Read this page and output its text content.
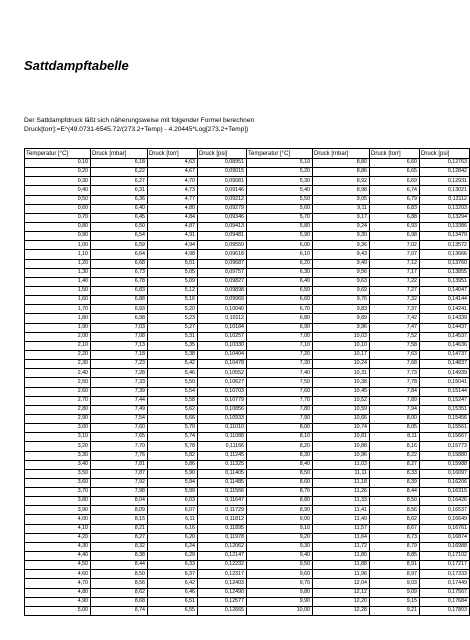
Sattdampftabelle
Der Sattdampfdruck läßt sich näherungsweise mit folgender Formel berechnen
Druck[torr]:=E^(49.0731-6545.72/(273.2+Temp) - 4.20445*Log[273.2+Temp])
Temperatur [°C]	Druck [mbar]	Druck [torr]	Druck [psi]	Temperatur [°C]	Druck [mbar]	Druck [torr]	Druck [psi]
0,10	6,18	4,63	0,08951	5,10	8,80	6,60	0,12763
0,20	6,22	4,67	0,09015	5,20	8,86	6,65	0,12842
0,30	6,27	4,70	0,09081	5,30	8,92	6,69	0,12931
0,40	6,31	4,73	0,09146	5,40	8,98	6,74	0,13021
0,50	6,36	4,77	0,09212	5,50	9,05	6,79	0,13112
0,60	6,40	4,80	0,09279	5,60	9,11	6,83	0,13203
0,70	6,45	4,84	0,09346	5,70	9,17	6,88	0,13294
0,80	6,50	4,87	0,09413	5,80	9,24	6,93	0,13386
0,90	6,54	4,91	0,09481	5,90	9,30	6,98	0,13479
1,00	6,59	4,94	0,09550	6,00	9,36	7,02	0,13572
1,10	6,64	4,98	0,09618	6,10	9,43	7,07	0,13666
1,20	6,68	5,01	0,09687	6,20	9,49	7,12	0,13760
1,30	6,73	5,05	0,09757	6,30	9,56	7,17	0,13855
1,40	6,78	5,09	0,09827	6,40	9,63	7,22	0,13951
1,50	6,83	5,12	0,09898	6,50	9,69	7,27	0,14047
1,60	6,88	5,16	0,09969	6,60	9,76	7,32	0,14144
1,70	6,93	5,20	0,10040	6,70	9,83	7,37	0,14241
1,80	6,98	5,23	0,10112	6,80	9,89	7,42	0,14339
1,90	7,03	5,27	0,10184	6,90	9,96	7,47	0,14437
2,00	7,08	5,31	0,10257	7,00	10,03	7,52	0,14537
2,10	7,13	5,35	0,10330	7,10	10,10	7,58	0,14636
2,20	7,18	5,38	0,10404	7,20	10,17	7,63	0,14737
2,30	7,23	5,42	0,10478	7,30	10,24	7,68	0,14837
2,40	7,28	5,46	0,10552	7,40	10,31	7,73	0,14939
2,50	7,33	5,50	0,10627	7,50	10,38	7,78	0,15041
2,60	7,39	5,54	0,10703	7,60	10,45	7,84	0,15144
2,70	7,44	5,58	0,10779	7,70	10,52	7,89	0,15247
2,80	7,49	5,62	0,10856	7,80	10,59	7,94	0,15351
2,90	7,54	5,66	0,10933	7,90	10,66	8,00	0,15456
3,00	7,60	5,70	0,11010	8,00	10,74	8,05	0,15561
3,10	7,65	5,74	0,11088	8,10	10,81	8,11	0,15667
3,20	7,70	5,78	0,11166	8,20	10,88	8,16	0,15773
3,30	7,76	5,82	0,11245	8,30	10,96	8,22	0,15880
3,40	7,81	5,86	0,11325	8,40	11,03	8,27	0,15988
3,50	7,87	5,90	0,11405	8,50	11,11	8,33	0,16097
3,60	7,92	5,94	0,11485	8,60	11,18	8,39	0,16206
3,70	7,98	5,99	0,11566	8,70	11,26	8,44	0,16315
3,80	8,04	6,03	0,11647	8,80	11,33	8,50	0,16426
3,90	8,09	6,07	0,11729	8,90	11,41	8,56	0,16537
4,00	8,15	6,11	0,11812	9,00	11,49	8,62	0,16649
4,10	8,21	6,16	0,11895	9,10	11,57	8,67	0,16761
4,20	8,27	6,20	0,11978	9,20	11,64	8,73	0,16874
4,30	8,32	6,24	0,12062	9,30	11,72	8,79	0,16988
4,40	8,38	6,29	0,12147	9,40	11,80	8,85	0,17102
4,50	8,44	6,33	0,12232	9,50	11,88	8,91	0,17217
4,60	8,50	6,37	0,12317	9,60	11,96	8,97	0,17333
4,70	8,56	6,42	0,12403	9,70	12,04	9,03	0,17449
4,80	8,62	6,46	0,12490	9,80	12,12	9,09	0,17567
4,90	8,68	6,51	0,12577	9,90	12,20	9,15	0,17684
5,00	8,74	6,55	0,12665	10,00	12,28	9,21	0,17803
